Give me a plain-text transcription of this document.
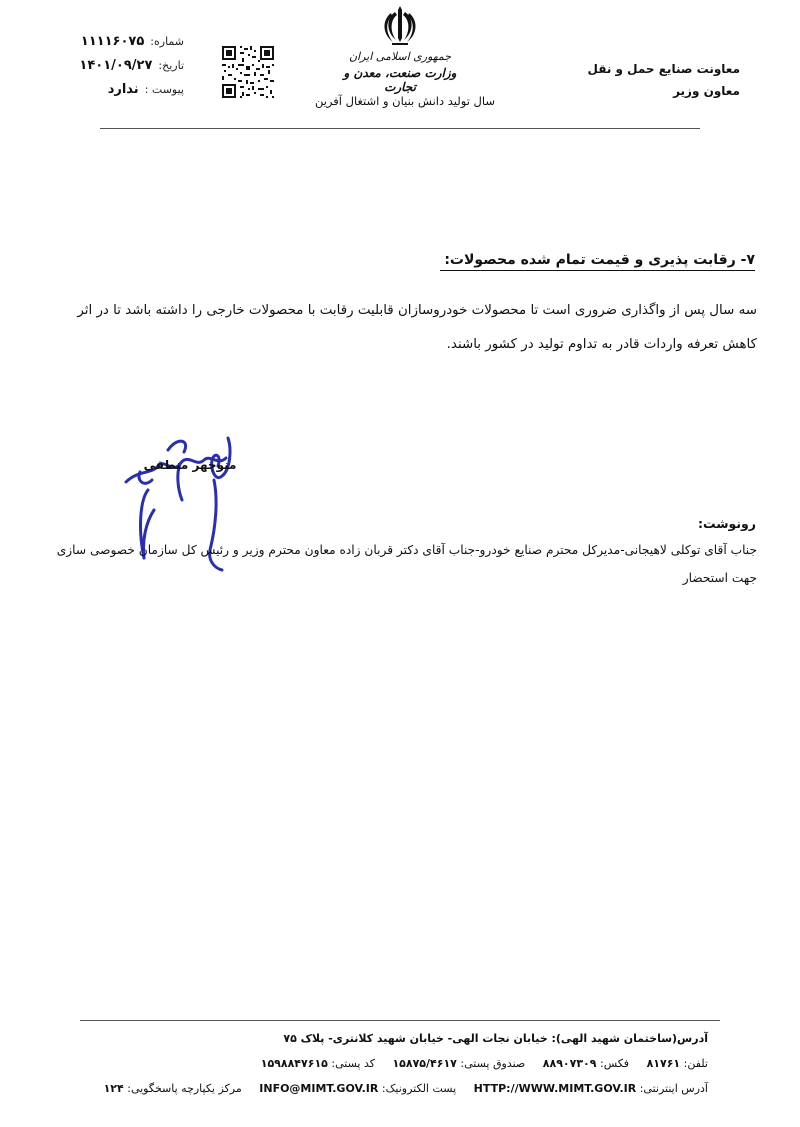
شماره:
۱۱۱۱۶۰۷۵
تاریخ:
۱۴۰۱/۰۹/۲۷
پیوست :
ندارد
جمهوری اسلامی ایران
وزارت صنعت، معدن و تجارت
سال تولید دانش بنیان و اشتغال آفرین
معاونت صنایع حمل و نقل
معاون وزیر
۷- رقابت پذیری و قیمت تمام شده محصولات:
سه سال پس از واگذاری ضروری است تا محصولات خودروسازان قابلیت رقابت با محصولات خارجی را داشته باشد تا در اثر کاهش تعرفه واردات قادر به تداوم تولید در کشور باشند.
منوچهر منطقی
رونوشت:
جناب آقای توکلی لاهیجانی-مدیرکل محترم صنایع خودرو-جناب آقای دکتر قربان زاده معاون محترم وزیر و رئیس کل سازمان خصوصی سازی جهت استحضار
آدرس(ساختمان شهید الهی): خیابان نجات الهی- خیابان شهید کلانتری- پلاک ۷۵
تلفن: ۸۱۷۶۱ فکس: ۸۸۹۰۷۳۰۹ صندوق پستی: ۱۵۸۷۵/۴۶۱۷ کد پستی: ۱۵۹۸۸۴۷۶۱۵
آدرس اینترنتی: HTTP://WWW.MIMT.GOV.IR پست الکترونیک: INFO@MIMT.GOV.IR مرکز یکپارچه پاسخگویی: ۱۲۴
